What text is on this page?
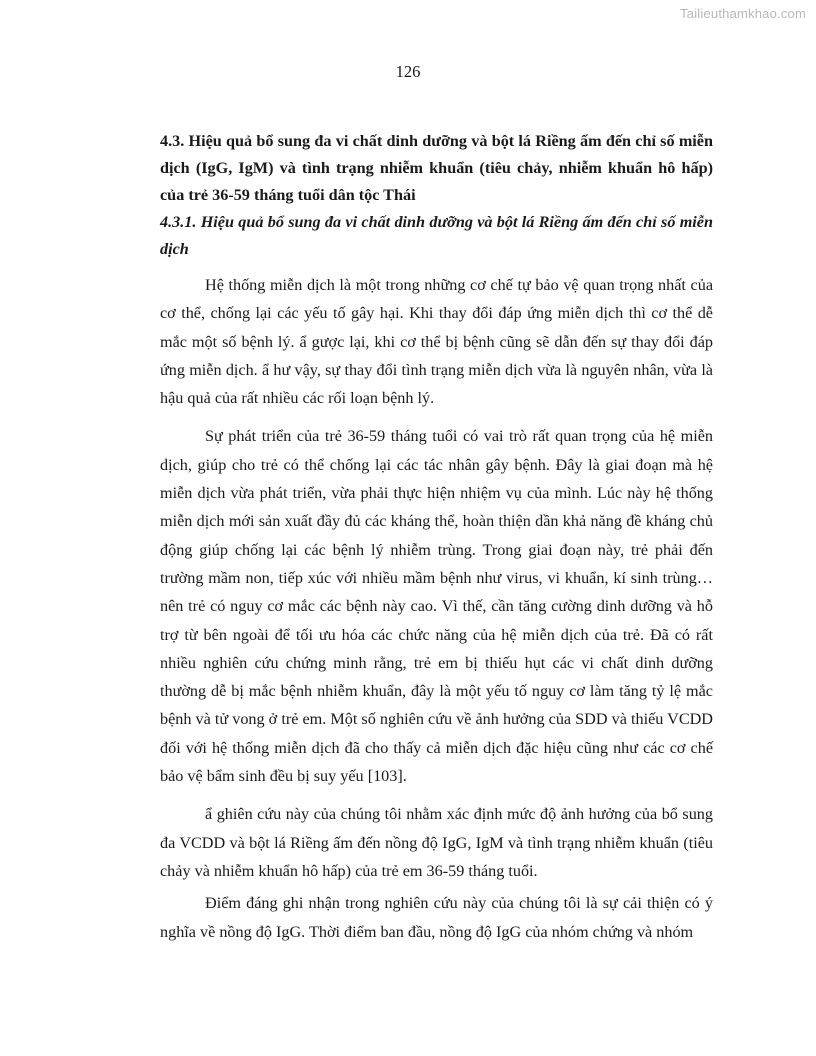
Tailieuthamkhao.com
126
4.3. Hiệu quả bổ sung đa vi chất dinh dưỡng và bột lá Riềng ấm đến chỉ số miễn dịch (IgG, IgM) và tình trạng nhiễm khuẩn (tiêu chảy, nhiễm khuẩn hô hấp) của trẻ 36-59 tháng tuổi dân tộc Thái
4.3.1. Hiệu quả bổ sung đa vi chất dinh dưỡng và bột lá Riềng ấm đến chỉ số miễn dịch

Hệ thống miễn dịch là một trong những cơ chế tự bảo vệ quan trọng nhất của cơ thể, chống lại các yếu tố gây hại. Khi thay đổi đáp ứng miễn dịch thì cơ thể dễ mắc một số bệnh lý. ẩ gược lại, khi cơ thể bị bệnh cũng sẽ dẫn đến sự thay đổi đáp ứng miễn dịch. ẩ hư vậy, sự thay đổi tình trạng miễn dịch vừa là nguyên nhân, vừa là hậu quả của rất nhiều các rối loạn bệnh lý.

Sự phát triển của trẻ 36-59 tháng tuổi có vai trò rất quan trọng của hệ miễn dịch, giúp cho trẻ có thể chống lại các tác nhân gây bệnh. Đây là giai đoạn mà hệ miễn dịch vừa phát triển, vừa phải thực hiện nhiệm vụ của mình. Lúc này hệ thống miễn dịch mới sản xuất đầy đủ các kháng thể, hoàn thiện dần khả năng đề kháng chủ động giúp chống lại các bệnh lý nhiễm trùng. Trong giai đoạn này, trẻ phải đến trường mầm non, tiếp xúc với nhiều mầm bệnh như virus, vi khuẩn, kí sinh trùng…nên trẻ có nguy cơ mắc các bệnh này cao. Vì thế, cần tăng cường dinh dưỡng và hỗ trợ từ bên ngoài để tối ưu hóa các chức năng của hệ miễn dịch của trẻ. Đã có rất nhiều nghiên cứu chứng minh rằng, trẻ em bị thiếu hụt các vi chất dinh dưỡng thường dễ bị mắc bệnh nhiễm khuẩn, đây là một yếu tố nguy cơ làm tăng tỷ lệ mắc bệnh và tử vong ở trẻ em. Một số nghiên cứu về ảnh hưởng của SDD và thiếu VCDD đối với hệ thống miễn dịch đã cho thấy cả miễn dịch đặc hiệu cũng như các cơ chế bảo vệ bẩm sinh đều bị suy yếu [103].

ẩ ghiên cứu này của chúng tôi nhằm xác định mức độ ảnh hưởng của bổ sung đa VCDD và bột lá Riềng ấm đến nồng độ IgG, IgM và tình trạng nhiễm khuẩn (tiêu chảy và nhiễm khuẩn hô hấp) của trẻ em 36-59 tháng tuổi.

Điểm đáng ghi nhận trong nghiên cứu này của chúng tôi là sự cải thiện có ý nghĩa về nồng độ IgG. Thời điểm ban đầu, nồng độ IgG của nhóm chứng và nhóm
